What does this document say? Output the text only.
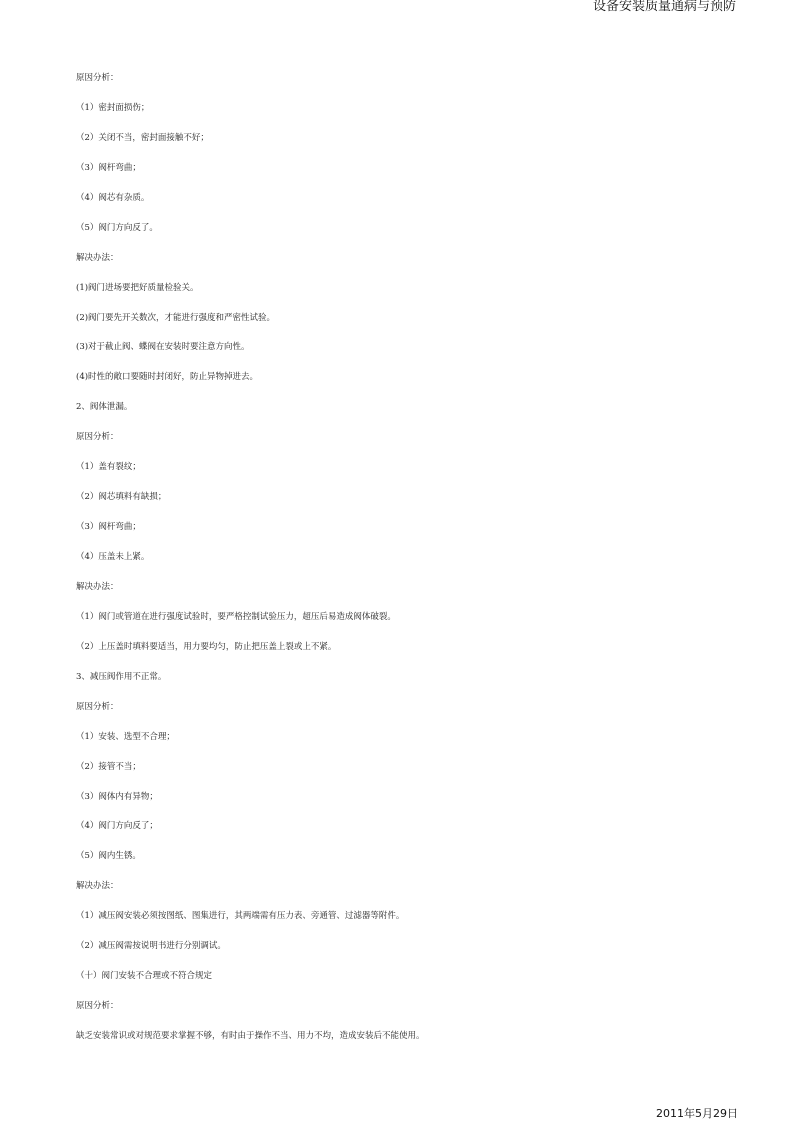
设备安装质量通病与预防
原因分析：
（1）密封面损伤；
（2）关闭不当，密封面接触不好；
（3）阀杆弯曲；
（4）阀芯有杂质。
（5）阀门方向反了。
解决办法：
(1)阀门进场要把好质量检验关。
(2)阀门要先开关数次，才能进行强度和严密性试验。
(3)对于截止阀、蝶阀在安装时要注意方向性。
(4)时性的敞口要随时封闭好，防止异物掉进去。
2、阀体泄漏。
原因分析：
（1）盖有裂纹；
（2）阀芯填料有缺损；
（3）阀杆弯曲；
（4）压盖未上紧。
解决办法：
（1）阀门或管道在进行强度试验时，要严格控制试验压力，超压后易造成阀体破裂。
（2）上压盖时填料要适当，用力要均匀，防止把压盖上裂或上不紧。
3、减压阀作用不正常。
原因分析：
（1）安装、选型不合理；
（2）接管不当；
（3）阀体内有异物；
（4）阀门方向反了；
（5）阀内生锈。
解决办法：
（1）减压阀安装必须按图纸、图集进行，其两端需有压力表、旁通管、过滤器等附件。
（2）减压阀需按说明书进行分别调试。
（十）阀门安装不合理或不符合规定
原因分析：
缺乏安装常识或对规范要求掌握不够，有时由于操作不当、用力不均，造成安装后不能使用。
2011年5月29日
